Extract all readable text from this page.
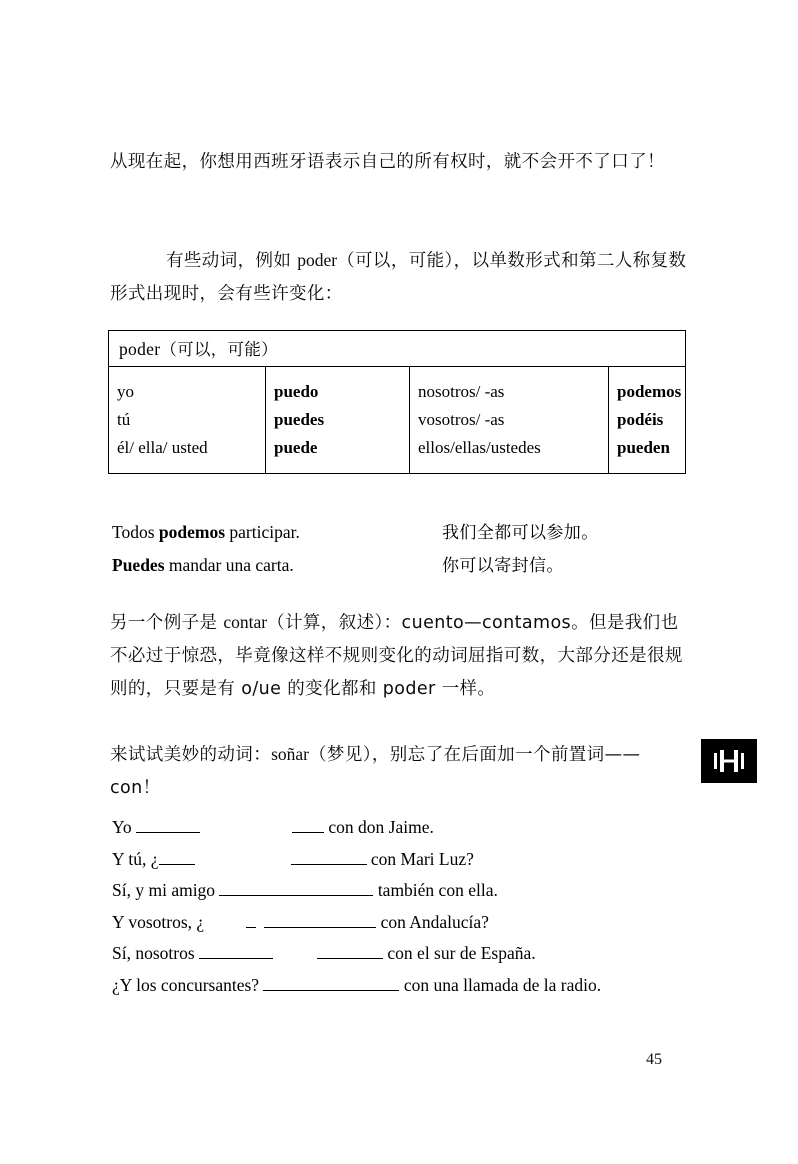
从现在起，你想用西班牙语表示自己的所有权时，就不会开不了口了！
有些动词，例如 poder（可以，可能），以单数形式和第二人称复数形式出现时，会有些许变化：
poder（可以，可能）
yo	puedo	nosotros/ -as	podemos
tú	puedes	vosotros/ -as	podéis
él/ ella/ usted	puede	ellos/ellas/ustedes	pueden
Todos podemos participar.	我们全都可以参加。
Puedes mandar una carta.	你可以寄封信。
另一个例子是 contar（计算，叙述）：cuento—contamos。但是我们也不必过于惊恐，毕竟像这样不规则变化的动词屈指可数，大部分还是很规则的，只要是有 o/ue 的变化都和 poder 一样。
来试试美妙的动词：soñar（梦见），别忘了在后面加一个前置词——con！
Yo	con don Jaime.
Y tú, ¿	con Mari Luz?
Sí, y mi amigo	también con ella.
Y vosotros, ¿	con Andalucía?
Sí, nosotros	con el sur de España.
¿Y los concursantes?	con una llamada de la radio.
45
